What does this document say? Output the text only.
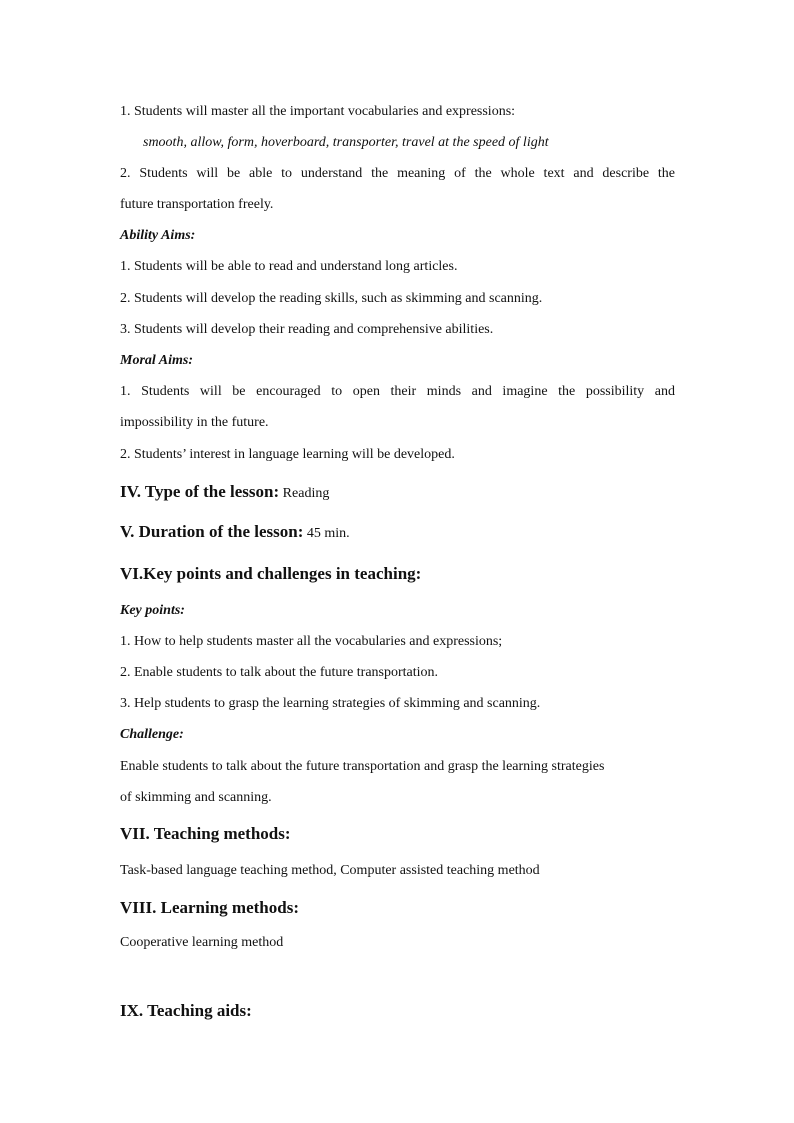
1. Students will master all the important vocabularies and expressions:
smooth, allow, form, hoverboard, transporter, travel at the speed of light
2. Students will be able to understand the meaning of the whole text and describe the
future transportation freely.
Ability Aims:
1. Students will be able to read and understand long articles.
2. Students will develop the reading skills, such as skimming and scanning.
3. Students will develop their reading and comprehensive abilities.
Moral Aims:
1. Students will be encouraged to open their minds and imagine the possibility and
impossibility in the future.
2. Students’ interest in language learning will be developed.
IV. Type of the lesson: Reading
V. Duration of the lesson: 45 min.
VI.Key points and challenges in teaching:
Key points:
1. How to help students master all the vocabularies and expressions;
2. Enable students to talk about the future transportation.
3. Help students to grasp the learning strategies of skimming and scanning.
Challenge:
Enable students to talk about the future transportation and grasp the learning strategies
of skimming and scanning.
VII. Teaching methods:
Task-based language teaching method, Computer assisted teaching method
VIII. Learning methods:
Cooperative learning method
IX. Teaching aids:
